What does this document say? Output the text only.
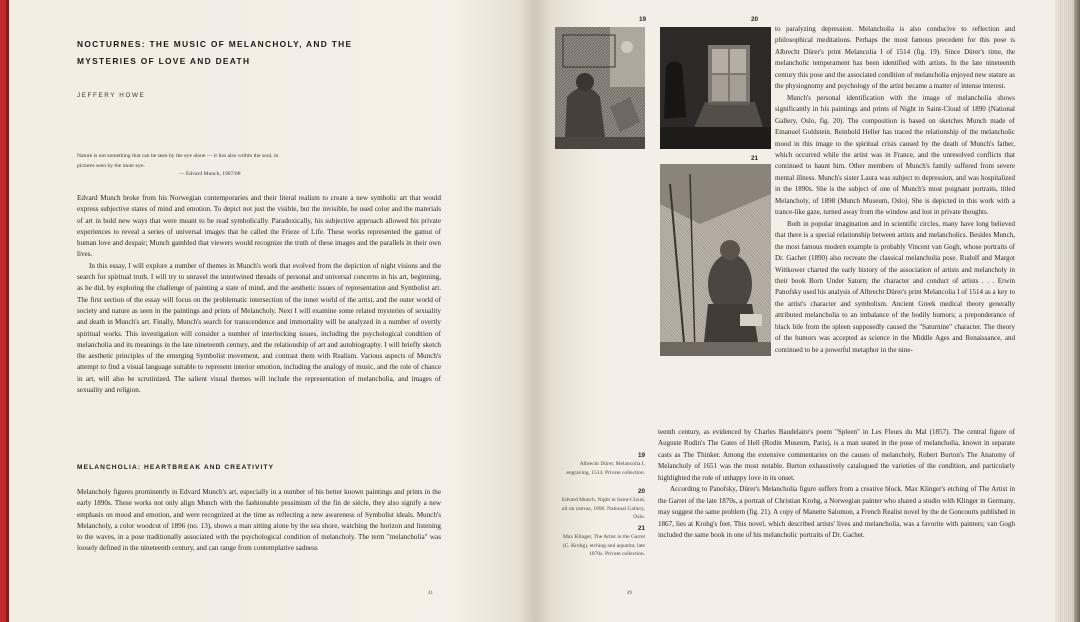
NOCTURNES: THE MUSIC OF MELANCHOLY, AND THE MYSTERIES OF LOVE AND DEATH
JEFFERY HOWE
Nature is not something that can be seen by the eye alone — it lies also within the soul, in pictures seen by the inner eye.
— Edvard Munch, 1907/08

Edvard Munch broke from his Norwegian contemporaries and their literal realism to create a new symbolic art that would express subjective states of mind and emotion. To depict not just the visible, but the invisible, he used color and the materials of art in bold new ways that were meant to be read symbolically. Paradoxically, his subjective approach allowed his private experiences to reveal a series of universal images that he called the Frieze of Life. These works represented the gamut of human love and despair; Munch gambled that viewers would recognize the truth of these images and the parallels in their own lives.

In this essay, I will explore a number of themes in Munch's work that evolved from the depiction of night visions and the search for spiritual truth. I will try to unravel the intertwined threads of personal and universal concerns in his art, beginning, as he did, by exploring the challenge of painting a state of mind, and the aesthetic issues of representation and Symbolist art. The first section of the essay will focus on the problematic intersection of the inner world of the artist, and the outer world of society and nature as seen in the paintings and prints of Melancholy. Next I will examine some related mysteries of sexuality and death in Munch's art. Finally, Munch's search for transcendence and immortality will be analyzed in a number of overtly spiritual works. This investigation will consider a number of interlocking issues, including the psychological condition of melancholia and its meanings in the late nineteenth century, and the relationship of art and autobiography. I will briefly sketch the aesthetic principles of the emerging Symbolist movement, and contrast them with Realism. Various aspects of Munch's attempt to find a visual language suitable to represent interior emotion, including the analogy of music, and the role of chance in art, will also be scrutinized. The salient visual themes will include the representation of melancholia, and images of sexuality and religion.

MELANCHOLIA: HEARTBREAK AND CREATIVITY

Melancholy figures prominently in Edvard Munch's art, especially in a number of his better known paintings and prints in the early 1890s. These works not only align Munch with the fashionable pessimism of the fin de siècle, they also signify a new emphasis on mood and emotion, and were recognized at the time as reflecting a new awareness of Symbolist ideals. Munch's Melancholy, a color woodcut of 1896 (no. 13), shows a man sitting alone by the sea shore, watching the horizon and listening to the waves, in a pose traditionally associated with the psychological condition of melancholy. The term "melancholia" was loosely defined in the nineteenth century, and can range from contemplative sadness

41
19	20
21
19
Albrecht Dürer, Melancolia I, engraving, 1514. Private collection.
20
Edvard Munch, Night in Saint-Cloud, oil on canvas, 1890. National Gallery, Oslo.
21
Max Klinger, The Artist in the Garret (C. Krohg), etching and aquatint, late 1870s. Private collection.

to paralyzing depression. Melancholia is also conducive to reflection and philosophical meditations. Perhaps the most famous precedent for this pose is Albrecht Dürer's print Melancolia I of 1514 (fig. 19). Since Dürer's time, the melancholic temperament has been identified with artists. In the late nineteenth century this pose and the associated condition of melancholia enjoyed new stature as the physiognomy and psychology of the artist became a matter of intense interest.

Munch's personal identification with the image of melancholia shows significantly in his paintings and prints of Night in Saint-Cloud of 1890 (National Gallery, Oslo, fig. 20). The composition is based on sketches Munch made of Emanuel Goldstein. Reinhold Heller has traced the relationship of the melancholic mood in this image to the spiritual crisis caused by the death of Munch's father, which occurred while the artist was in France, and the unresolved conflicts that continued to haunt him. Other members of Munch's family suffered from severe mental illness. Munch's sister Laura was subject to depression, and was hospitalized in the 1890s. She is the subject of one of Munch's most poignant portraits, titled Melancholy, of 1898 (Munch Museum, Oslo). She is depicted in this work with a trance-like gaze, turned away from the window and lost in private thoughts.

Both in popular imagination and in scientific circles, many have long believed that there is a special relationship between artists and melancholics. Besides Munch, the most famous modern example is probably Vincent van Gogh, whose portraits of Dr. Gachet (1890) also recreate the classical melancholia pose. Rudolf and Margot Wittkower charted the early history of the association of artists and melancholy in their book Born Under Saturn; the character and conduct of artists . . . Erwin Panofsky used his analysis of Albrecht Dürer's print Melancolia I of 1514 as a key to the artist's character and symbolism. Ancient Greek medical theory generally attributed melancholia to an imbalance of the bodily humors; a preponderance of black bile from the spleen supposedly caused the "Saturnine" character. The theory of the humors was accepted as science in the Middle Ages and Renaissance, and continued to be a powerful metaphor in the nine-

teenth century, as evidenced by Charles Baudelaire's poem "Spleen" in Les Fleurs du Mal (1857). The central figure of Auguste Rodin's The Gates of Hell (Rodin Museum, Paris), is a man seated in the pose of melancholia, known in separate casts as The Thinker. Among the extensive commentaries on the causes of melancholy, Robert Burton's The Anatomy of Melancholy of 1651 was the most notable. Burton exhaustively catalogued the varieties of the condition, and particularly highlighted the role of unhappy love in its onset.

According to Panofsky, Dürer's Melancholia figure suffers from a creative block. Max Klinger's etching of The Artist in the Garret of the late 1870s, a portrait of Christian Krohg, a Norwegian painter who shared a studio with Klinger in Germany, may suggest the same problem (fig. 21). A copy of Manette Salomon, a French Realist novel by the de Goncourts published in 1867, lies at Krohg's feet. This novel, which described artists' lives and melancholia, was a favorite with painters; van Gogh included the same book in one of his melancholic portraits of Dr. Gachet.

49
